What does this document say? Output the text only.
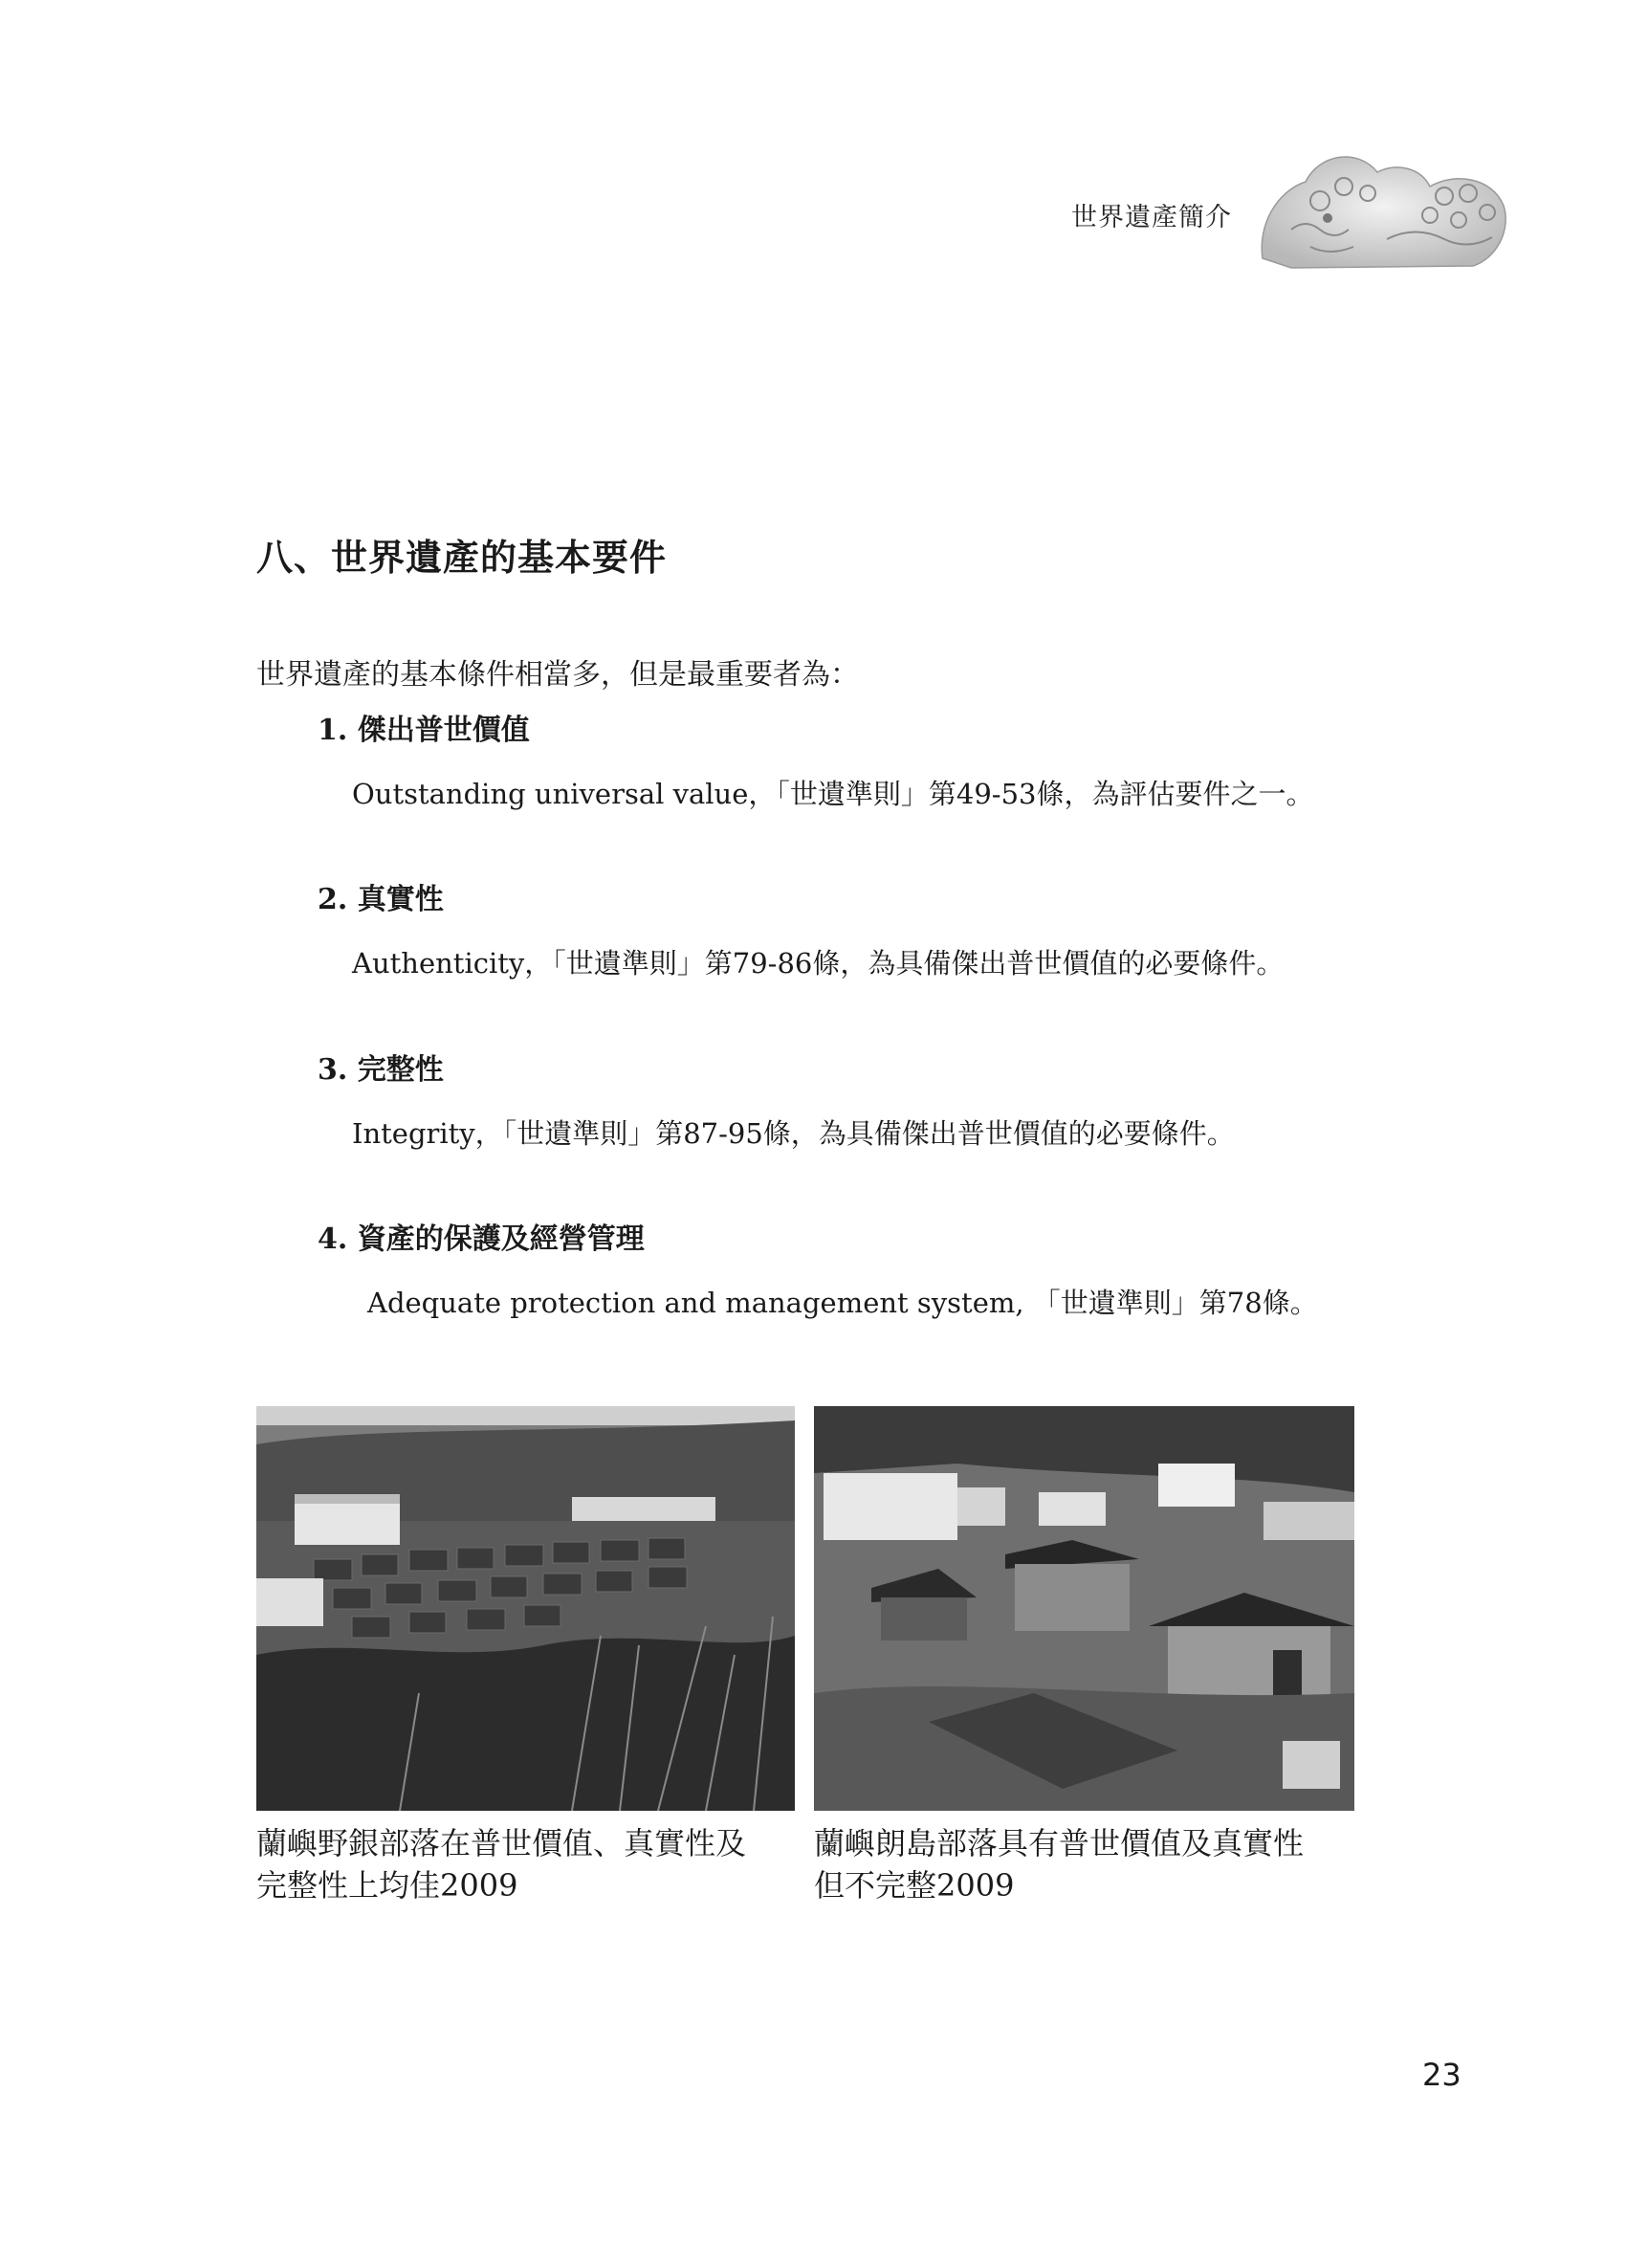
世界遺產簡介
八、世界遺產的基本要件
世界遺產的基本條件相當多，但是最重要者為：
1. 傑出普世價值
Outstanding universal value，「世遺準則」第49-53條，為評估要件之一。
2. 真實性
Authenticity，「世遺準則」第79-86條，為具備傑出普世價值的必要條件。
3. 完整性
Integrity，「世遺準則」第87-95條，為具備傑出普世價值的必要條件。
4. 資產的保護及經營管理
Adequate protection and management system, 「世遺準則」第78條。
蘭嶼野銀部落在普世價值、真實性及
完整性上均佳2009
蘭嶼朗島部落具有普世價值及真實性
但不完整2009
23
